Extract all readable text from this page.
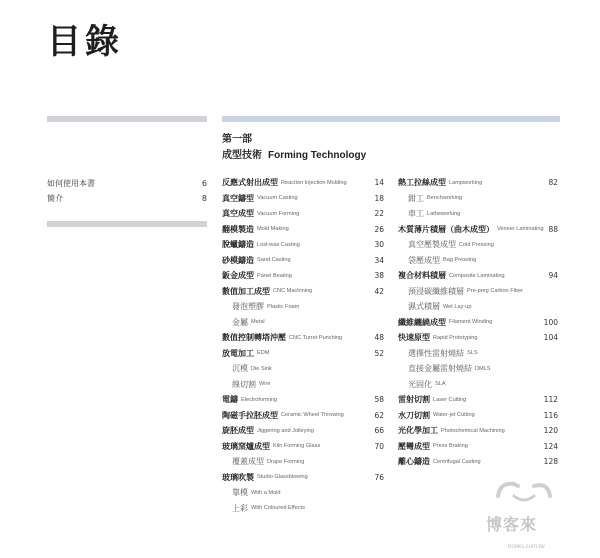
目錄
第一部
成型技術 Forming Technology
如何使用本書	6
簡介	8
反應式射出成型 Reaction Injection Molding	14
真空鑄型 Vacuum Casting	18
真空成型 Vacuum Forming	22
翻模製造 Mold Making	26
脫蠟鑄造 Lost-wax Casting	30
砂模鑄造 Sand Casting	34
鈑金成型 Panel Beating	38
數值加工成型 CNC Machining	42
發泡塑膠 Plastic Foam
金屬 Metal
數值控制轉塔沖壓 CNC Turret Punching	48
放電加工 EDM	52
沉模 Die Sink
線切割 Wire
電鑄 Electroforming	58
陶磁手拉胚成型 Ceramic Wheel Throwing	62
旋胚成型 Jiggering and Jolleying	66
玻璃窯爐成型 Kiln Forming Glass	70
覆蓋成型 Drape Forming
玻璃吹製 Studio Glassblowing	76
靠模 With a Mold
上彩 With Coloured Effects
熱工拉絲成型 Lampworking	82
鉗工 Benchworking
車工 Latheworking
木質薄片積層（曲木成型） Veneer Laminating 88
真空壓製成型 Cold Pressing
袋壓成型 Bag Pressing
複合材料積層 Composite Laminating	94
預浸碳纖維積層 Pre-preg Carbon Fiber
濕式積層 Wet Lay-up
纖維纏繞成型 Filament Winding	100
快速原型 Rapid Prototyping	104
選擇性雷射燒結 SLS
直接金屬雷射燒結 DMLS
光固化 SLA
雷射切割 Laser Cutting	112
水刀切割 Water-jet Cutting	116
光化學加工 Photochemical Machining	120
壓彎成型 Press Braking	124
離心鑄造 Centrifugal Casting	128
博客來
books.com.tw
